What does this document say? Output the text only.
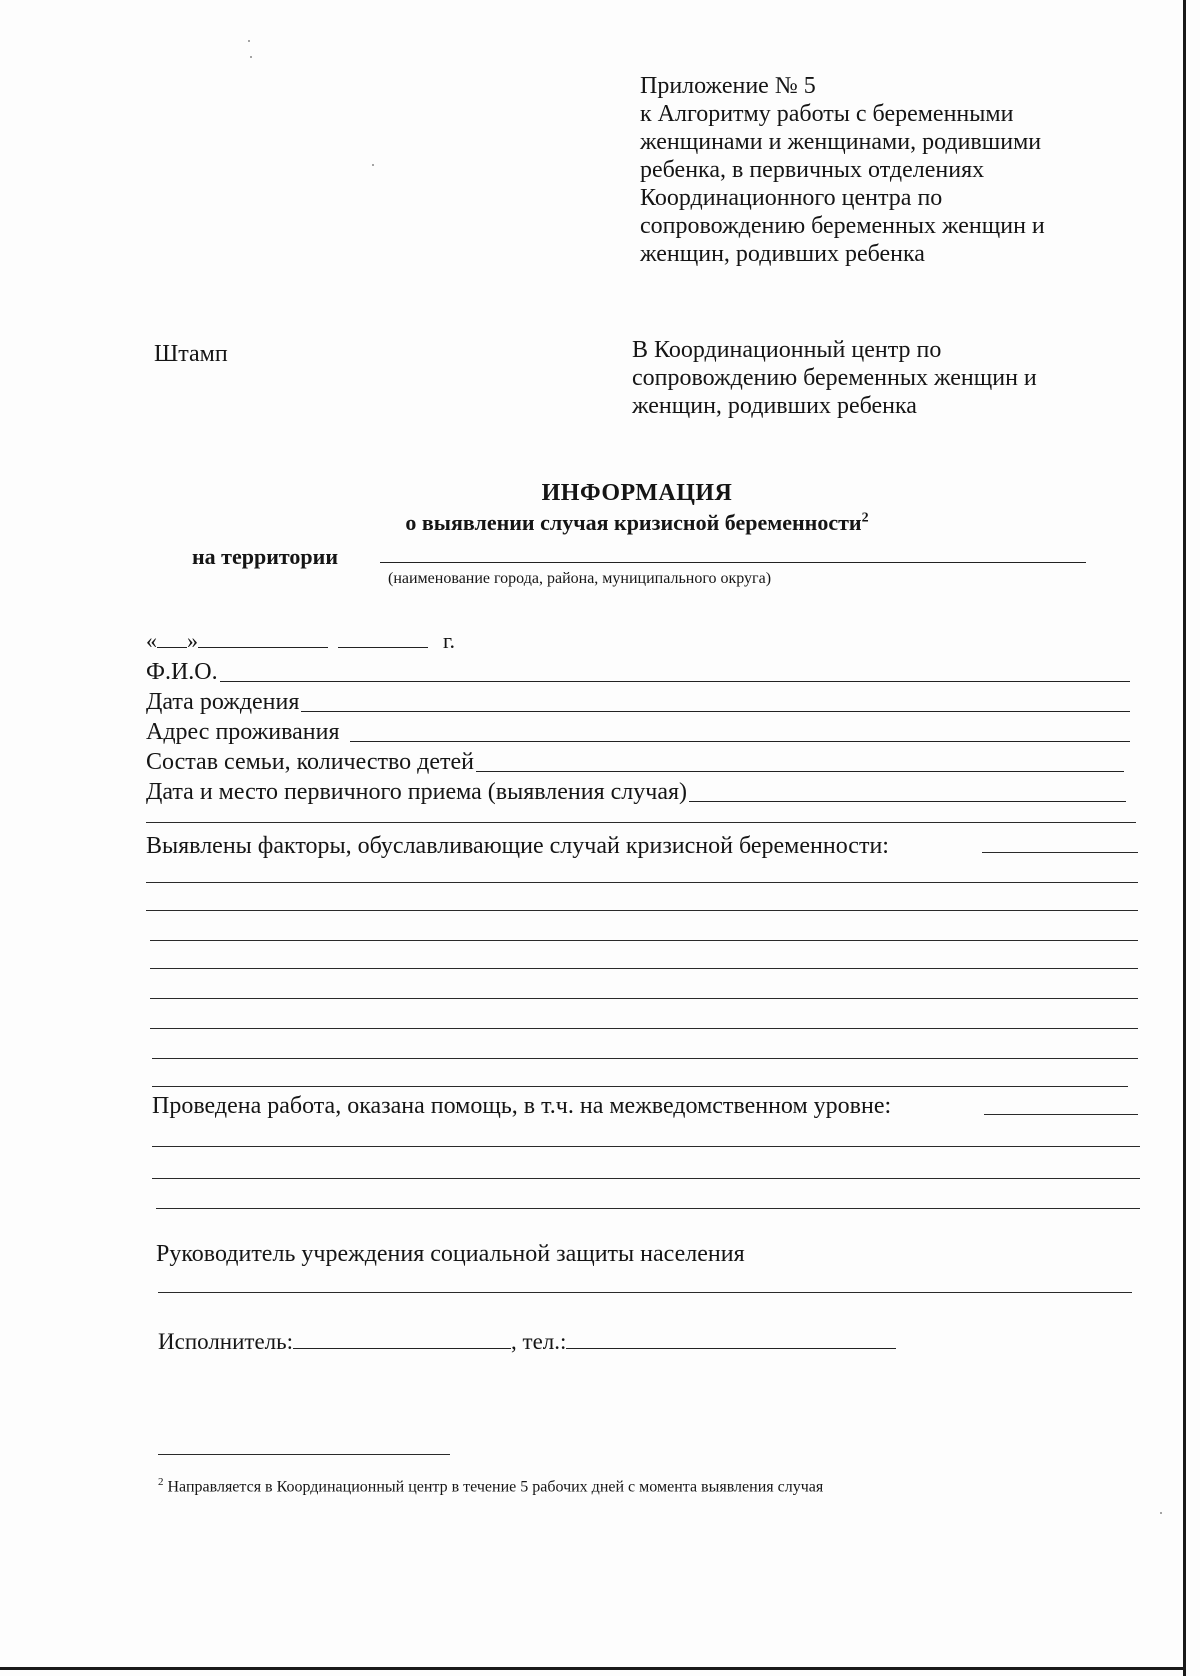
Приложение № 5
к Алгоритму работы с беременными
женщинами и женщинами, родившими
ребенка, в первичных отделениях
Координационного центра по
сопровождению беременных женщин и
женщин, родивших ребенка
Штамп	В Координационный центр по
сопровождению беременных женщин и
женщин, родивших ребенка
ИНФОРМАЦИЯ
о выявлении случая кризисной беременности$^2$
на территории
(наименование города, района, муниципального округа)
« »	г.
Ф.И.О.
Дата рождения
Адрес проживания
Состав семьи, количество детей
Дата и место первичного приема (выявления случая)
Выявлены факторы, обуславливающие случай кризисной беременности:
Проведена работа, оказана помощь, в т.ч. на межведомственном уровне:
Руководитель учреждения социальной защиты населения
Исполнитель:	, тел.:
$^2$ Направляется в Координационный центр в течение 5 рабочих дней с момента выявления случая
